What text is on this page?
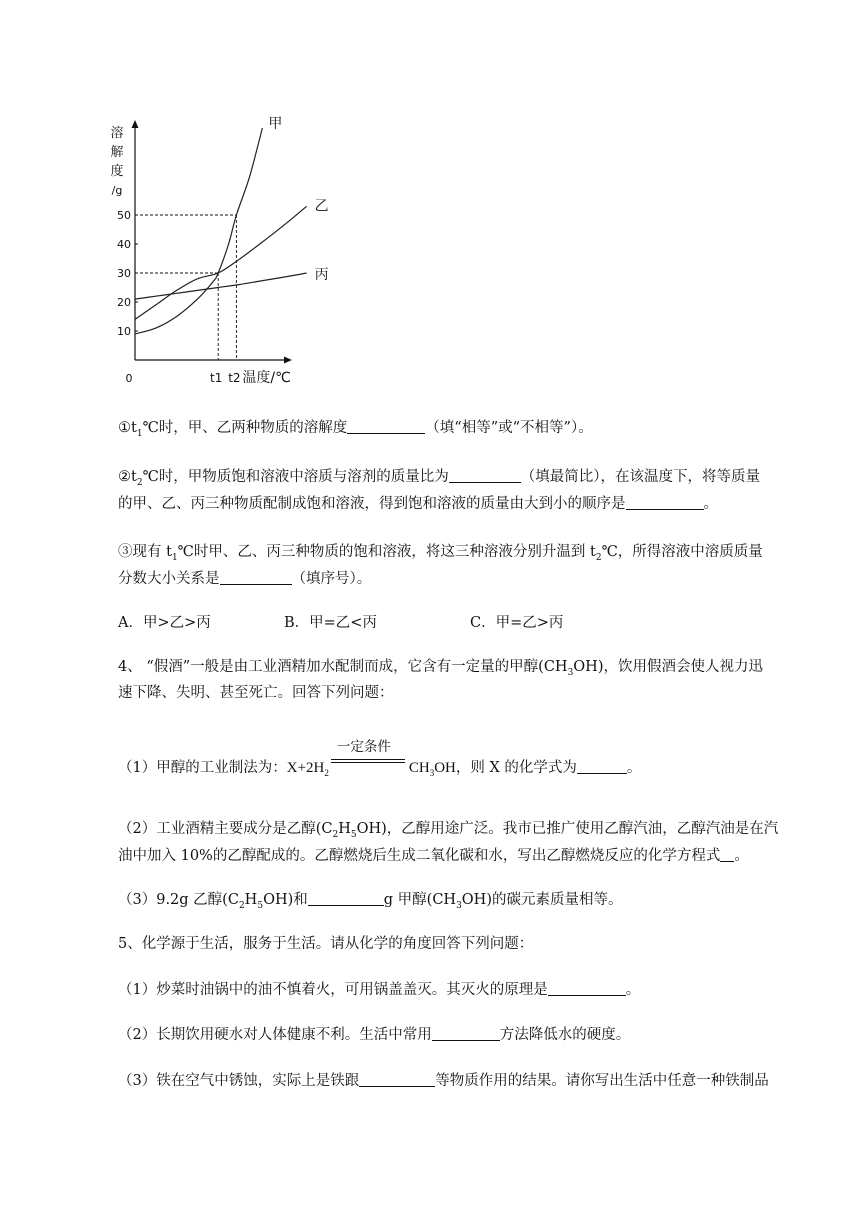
10
20
30
40
50
0
溶
解
度
/g
t1 t2 温度/℃
甲
乙
丙

$①t_1℃$时，甲、乙两种物质的溶解度	（填“相等”或“不相等”）。

$②t_2℃$时，甲物质饱和溶液中溶质与溶剂的质量比为	（填最简比），在该温度下，将等质量

的甲、乙、丙三种物质配制成饱和溶液，得到饱和溶液的质量由大到小的顺序是	。

③现有 $t_1℃$时甲、乙、丙三种物质的饱和溶液，将这三种溶液分别升温到 $t_2℃$，所得溶液中溶质质量

分数大小关系是	（填序号）。

A．甲>乙>丙	B．甲=乙<丙	C．甲=乙>丙

4、 “假酒”一般是由工业酒精加水配制而成，它含有一定量的甲醇$(CH_3OH)$，饮用假酒会使人视力迅

速下降、失明、甚至死亡。回答下列问题：

（1）甲醇的工业制法为：$X+2H_2$
一定条件
$CH_3OH$，则 X 的化学式为	。

（2）工业酒精主要成分是乙醇$(C_2H_5OH)$，乙醇用途广泛。我市已推广使用乙醇汽油，乙醇汽油是在汽

油中加入 10%的乙醇配成的。乙醇燃烧后生成二氧化碳和水，写出乙醇燃烧反应的化学方程式 。

（3）9.2g 乙醇$(C_2H_5OH)$和	g 甲醇$(CH_3OH)$的碳元素质量相等。

5、化学源于生活，服务于生活。请从化学的角度回答下列问题：

（1）炒菜时油锅中的油不慎着火，可用锅盖盖灭。其灭火的原理是	。

（2）长期饮用硬水对人体健康不利。生活中常用	方法降低水的硬度。

（3）铁在空气中锈蚀，实际上是铁跟	等物质作用的结果。请你写出生活中任意一种铁制品
